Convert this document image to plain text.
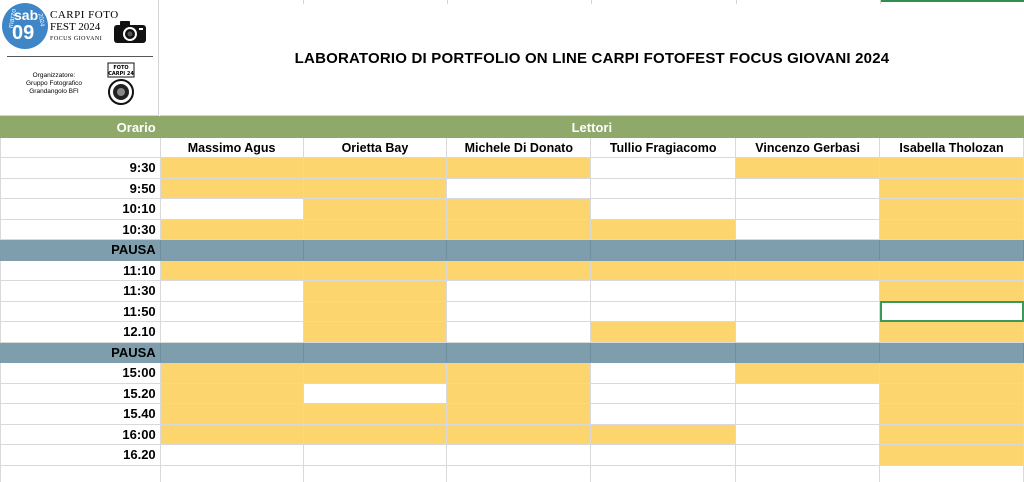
marzo
sab
09
2024 CARPI FOTO
FEST 2024
FOCUS GIOVANI
Organizzatore:
Gruppo Fotografico
Grandangolo BFI
FOTO
CARPI 24
LABORATORIO DI PORTFOLIO ON LINE CARPI FOTOFEST FOCUS GIOVANI 2024
Orario	Lettori					
	Massimo Agus	Orietta Bay	Michele Di Donato	Tullio Fragiacomo	Vincenzo Gerbasi	Isabella Tholozan
9:30						
9:50						
10:10						
10:30						
PAUSA						
11:10						
11:30						
11:50						
12.10						
PAUSA						
15:00						
15.20						
15.40						
16:00						
16.20						
